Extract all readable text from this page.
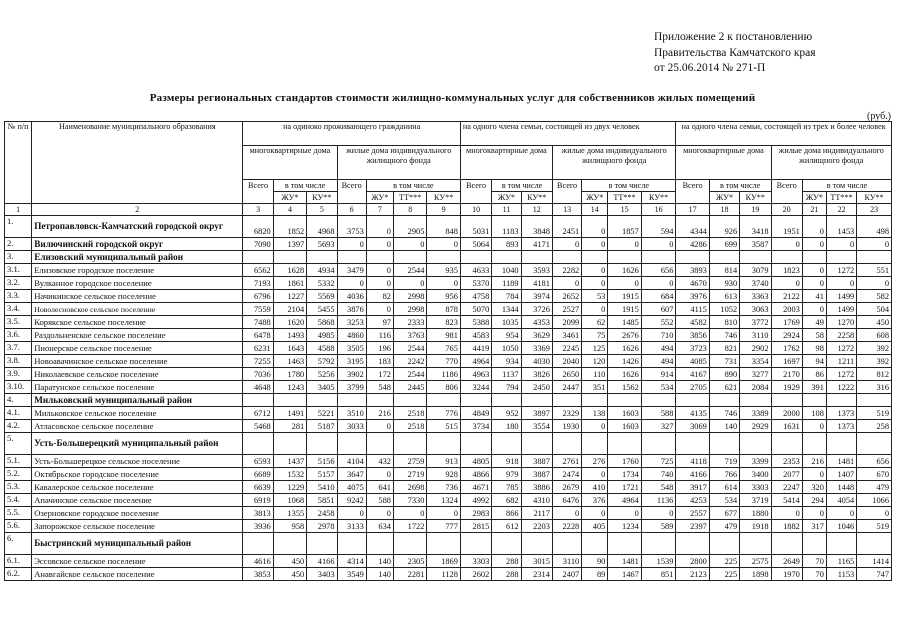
Приложение 2 к постановлению
Правительства Камчатского края
от 25.06.2014 № 271-П
Размеры региональных стандартов стоимости жилищно-коммунальных услуг для собственников жилых помещений
(руб.)
№ п/п	Наименование муниципального образования	на одиноко проживающего гражданина							на одного члена семьи, состоящей из двух человек							на одного члена семьи, состоящей из трех и более человек						
		многоквартирные дома			жилые дома индивидуального жилищного фонда				многоквартирные дома			жилые дома индивидуального жилищного фонда				многоквартирные дома			жилые дома индивидуального жилищного фонда			
		Всего	в том числе		Всего	в том числе			Всего	в том числе		Всего	в том числе			Всего	в том числе		Всего	в том числе		
			ЖУ*	КУ**		ЖУ*	ТТ***	КУ**		ЖУ*	КУ**		ЖУ*	ТТ***	КУ**		ЖУ*	КУ**		ЖУ*	ТТ***	КУ**
1	2	3	4	5	6	7	8	9	10	11	12	13	14	15	16	17	18	19	20	21	22	23
1.	Петропавловск-Камчатский городской округ	6820	1852	4968	3753	0	2905	848	5031	1183	3848	2451	0	1857	594	4344	926	3418	1951	0	1453	498
2.	Вилючинский городской округ	7090	1397	5693	0	0	0	0	5064	893	4171	0	0	0	0	4286	699	3587	0	0	0	0
3.	Елизовский муниципальный район																					
3.1.	Елизовское городское поселение	6562	1628	4934	3479	0	2544	935	4633	1040	3593	2282	0	1626	656	3893	814	3079	1823	0	1272	551
3.2.	Вулканное городское поселение	7193	1861	5332	0	0	0	0	5370	1189	4181	0	0	0	0	4670	930	3740	0	0	0	0
3.3.	Начикинское сельское поселение	6796	1227	5569	4036	82	2998	956	4758	784	3974	2652	53	1915	684	3976	613	3363	2122	41	1499	582
3.4.	Новолесновское сельское поселение	7559	2104	5455	3876	0	2998	878	5070	1344	3726	2527	0	1915	607	4115	1052	3063	2003	0	1499	504
3.5.	Корякское сельское поселение	7488	1620	5868	3253	97	2333	823	5388	1035	4353	2099	62	1485	552	4582	810	3772	1769	49	1270	450
3.6.	Раздольненское сельское поселение	6478	1493	4985	4860	116	3763	981	4583	954	3629	3461	75	2676	710	3856	746	3110	2924	58	2258	608
3.7.	Пионерское сельское поселение	6231	1643	4588	3505	196	2544	765	4419	1050	3369	2245	125	1626	494	3723	821	2902	1762	98	1272	392
3.8.	Новоавачинское сельское поселение	7255	1463	5792	3195	183	2242	770	4964	934	4030	2040	120	1426	494	4085	731	3354	1697	94	1211	392
3.9.	Николаевское сельское поселение	7036	1780	5256	3902	172	2544	1186	4963	1137	3826	2650	110	1626	914	4167	890	3277	2170	86	1272	812
3.10.	Паратунское сельское поселение	4648	1243	3405	3799	548	2445	806	3244	794	2450	2447	351	1562	534	2705	621	2084	1929	391	1222	316
4.	Мильковский муниципальный район																					
4.1.	Мильковское сельское поселение	6712	1491	5221	3510	216	2518	776	4849	952	3897	2329	138	1603	588	4135	746	3389	2000	108	1373	519
4.2.	Атласовское сельское поселение	5468	281	5187	3033	0	2518	515	3734	180	3554	1930	0	1603	327	3069	140	2929	1631	0	1373	258
5.	Усть-Большерецкий муниципальный район																					
5.1.	Усть-Большерецкое сельское поселение	6593	1437	5156	4104	432	2759	913	4805	918	3887	2761	276	1760	725	4118	719	3399	2353	216	1481	656
5.2.	Октябрьское городское поселение	6689	1532	5157	3647	0	2719	928	4866	979	3887	2474	0	1734	740	4166	766	3400	2077	0	1407	670
5.3.	Кавалерское сельское поселение	6639	1229	5410	4075	641	2698	736	4671	785	3886	2679	410	1721	548	3917	614	3303	2247	320	1448	479
5.4.	Апачинское сельское поселение	6919	1068	5851	9242	588	7330	1324	4992	682	4310	6476	376	4964	1136	4253	534	3719	5414	294	4054	1066
5.5.	Озерновское городское поселение	3813	1355	2458	0	0	0	0	2983	866	2117	0	0	0	0	2557	677	1880	0	0	0	0
5.6.	Запорожское сельское поселение	3936	958	2978	3133	634	1722	777	2815	612	2203	2228	405	1234	589	2397	479	1918	1882	317	1046	519
6.	Быстринский муниципальный район																					
6.1.	Эссовское сельское поселение	4616	450	4166	4314	140	2305	1869	3303	288	3015	3110	90	1481	1539	2800	225	2575	2649	70	1165	1414
6.2.	Анавгайское сельское поселение	3853	450	3403	3549	140	2281	1128	2602	288	2314	2407	89	1467	851	2123	225	1898	1970	70	1153	747
